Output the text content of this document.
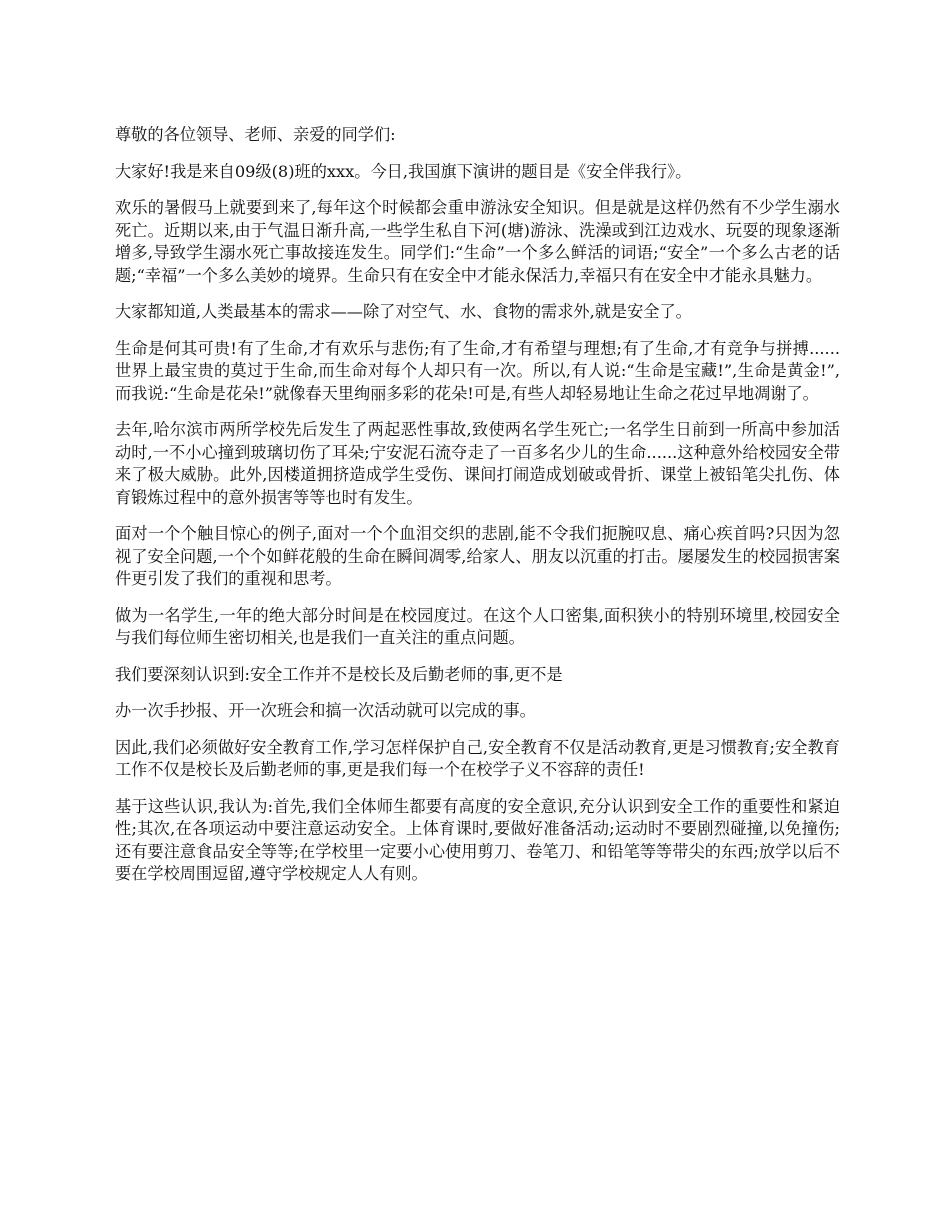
尊敬的各位领导、老师、亲爱的同学们:

大家好!我是来自09级(8)班的xxx。今日,我国旗下演讲的题目是《安全伴我行》。

欢乐的暑假马上就要到来了,每年这个时候都会重申游泳安全知识。但是就是这样仍然有不少学生溺水死亡。近期以来,由于气温日渐升高,一些学生私自下河(塘)游泳、洗澡或到江边戏水、玩耍的现象逐渐增多,导致学生溺水死亡事故接连发生。同学们:“生命”一个多么鲜活的词语;“安全”一个多么古老的话题;“幸福”一个多么美妙的境界。生命只有在安全中才能永保活力,幸福只有在安全中才能永具魅力。

大家都知道,人类最基本的需求——除了对空气、水、食物的需求外,就是安全了。

生命是何其可贵!有了生命,才有欢乐与悲伤;有了生命,才有希望与理想;有了生命,才有竞争与拼搏......世界上最宝贵的莫过于生命,而生命对每个人却只有一次。所以,有人说:“生命是宝藏!”,生命是黄金!”,而我说:“生命是花朵!”就像春天里绚丽多彩的花朵!可是,有些人却轻易地让生命之花过早地凋谢了。

去年,哈尔滨市两所学校先后发生了两起恶性事故,致使两名学生死亡;一名学生日前到一所高中参加活动时,一不小心撞到玻璃切伤了耳朵;宁安泥石流夺走了一百多名少儿的生命......这种意外给校园安全带来了极大威胁。此外,因楼道拥挤造成学生受伤、课间打闹造成划破或骨折、课堂上被铅笔尖扎伤、体育锻炼过程中的意外损害等等也时有发生。

面对一个个触目惊心的例子,面对一个个血泪交织的悲剧,能不令我们扼腕叹息、痛心疾首吗?只因为忽视了安全问题,一个个如鲜花般的生命在瞬间凋零,给家人、朋友以沉重的打击。屡屡发生的校园损害案件更引发了我们的重视和思考。

做为一名学生,一年的绝大部分时间是在校园度过。在这个人口密集,面积狭小的特别环境里,校园安全与我们每位师生密切相关,也是我们一直关注的重点问题。

我们要深刻认识到:安全工作并不是校长及后勤老师的事,更不是

办一次手抄报、开一次班会和搞一次活动就可以完成的事。

因此,我们必须做好安全教育工作,学习怎样保护自己,安全教育不仅是活动教育,更是习惯教育;安全教育工作不仅是校长及后勤老师的事,更是我们每一个在校学子义不容辞的责任!

基于这些认识,我认为:首先,我们全体师生都要有高度的安全意识,充分认识到安全工作的重要性和紧迫性;其次,在各项运动中要注意运动安全。上体育课时,要做好准备活动;运动时不要剧烈碰撞,以免撞伤;还有要注意食品安全等等;在学校里一定要小心使用剪刀、卷笔刀、和铅笔等等带尖的东西;放学以后不要在学校周围逗留,遵守学校规定人人有则。
